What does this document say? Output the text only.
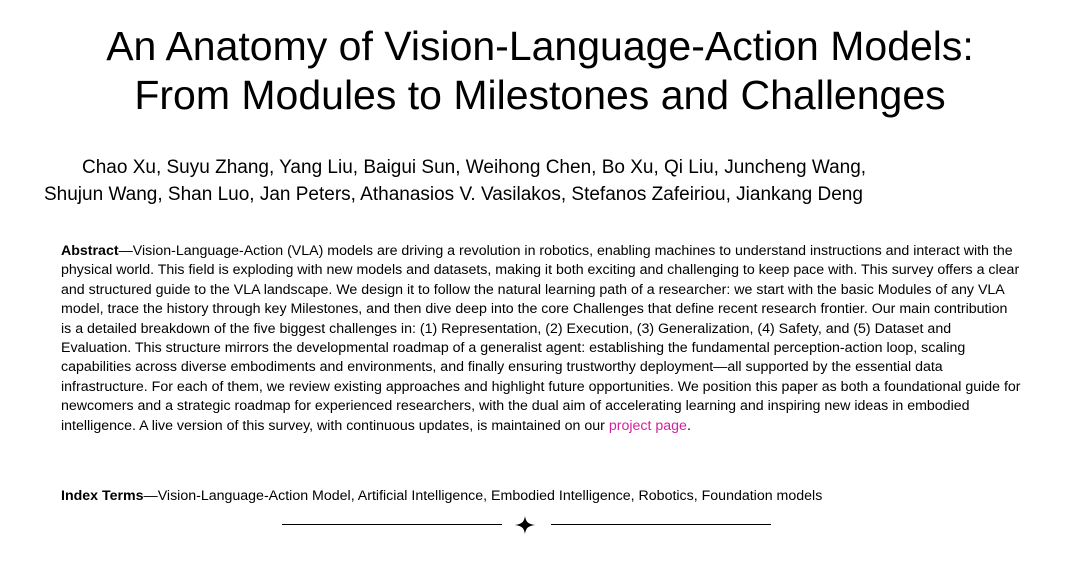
An Anatomy of Vision-Language-Action Models:
From Modules to Milestones and Challenges
Chao Xu, Suyu Zhang, Yang Liu, Baigui Sun, Weihong Chen, Bo Xu, Qi Liu, Juncheng Wang,
Shujun Wang, Shan Luo, Jan Peters, Athanasios V. Vasilakos, Stefanos Zafeiriou, Jiankang Deng

Abstract—Vision-Language-Action (VLA) models are driving a revolution in robotics, enabling machines to understand instructions and interact with the physical world. This field is exploding with new models and datasets, making it both exciting and challenging to keep pace with. This survey offers a clear and structured guide to the VLA landscape. We design it to follow the natural learning path of a researcher: we start with the basic Modules of any VLA model, trace the history through key Milestones, and then dive deep into the core Challenges that define recent research frontier. Our main contribution is a detailed breakdown of the five biggest challenges in: (1) Representation, (2) Execution, (3) Generalization, (4) Safety, and (5) Dataset and Evaluation. This structure mirrors the developmental roadmap of a generalist agent: establishing the fundamental perception-action loop, scaling capabilities across diverse embodiments and environments, and finally ensuring trustworthy deployment—all supported by the essential data infrastructure. For each of them, we review existing approaches and highlight future opportunities. We position this paper as both a foundational guide for newcomers and a strategic roadmap for experienced researchers, with the dual aim of accelerating learning and inspiring new ideas in embodied intelligence. A live version of this survey, with continuous updates, is maintained on our project page.

Index Terms—Vision-Language-Action Model, Artificial Intelligence, Embodied Intelligence, Robotics, Foundation models
